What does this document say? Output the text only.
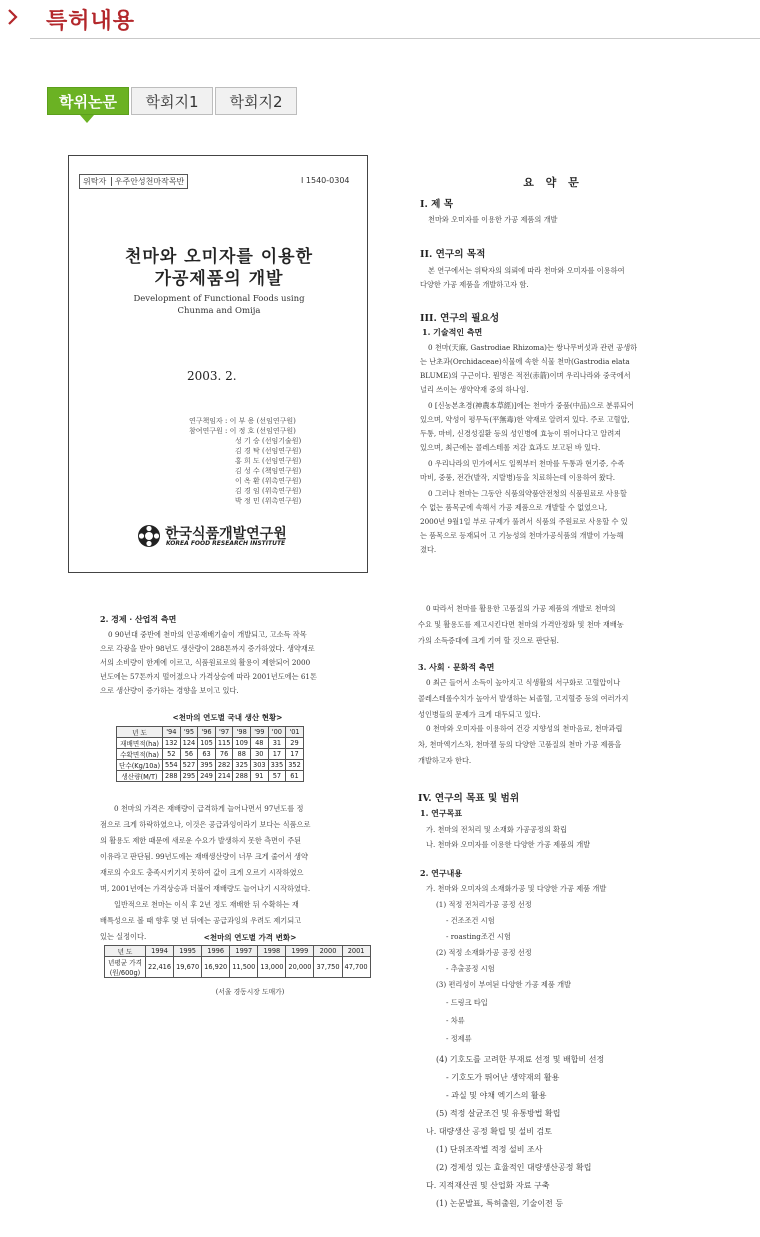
특허내용
학위논문	학회지1	학회지2
위탁자 우주안성천마작목반	I 1540-0304
천마와 오미자를 이용한
가공제품의 개발
Development of Functional Foods using
Chunma and Omija
2003. 2.
연구책임자 : 이 부 용 (선임연구원)
참여연구원 : 이 정 호 (선임연구원)
성 기 승 (선임기술원)
김 경 탁 (선임연구원)
홍 희 도 (선임연구원)
김 성 수 (책임연구원)
이 옥 환 (위촉연구원)
김 경 임 (위촉연구원)
박 정 민 (위촉연구원)
한국식품개발연구원
KOREA FOOD RESEARCH INSTITUTE
요 약 문
I. 제 목
천마와 오미자를 이용한 가공 제품의 개발
II. 연구의 목적
본 연구에서는 위탁자의 의뢰에 따라 천마와 오미자를 이용하여
다양한 가공 제품을 개발하고자 함.
III. 연구의 필요성
1. 기술적인 측면
0 천마(天麻, Gastrodiae Rhizoma)는 쌍나무버섯과 관련 공생하
는 난초과(Orchidaceae)식물에 속한 식물 천마(Gastrodia elata
BLUME)의 구근이다. 뭔명은 적전(赤箭)이며 우리나라와 중국에서
널리 쓰이는 생약약재 중의 하나임.
0 [신농본초경(神農本草經)]에는 천마가 중품(中品)으로 분류되어
있으며, 약성이 평무독(平無毒)한 약재로 알려져 있다. 주로 고혈압,
두통, 마비, 신경성질환 등의 성인병에 효능이 뛰어나다고 알려져
있으며, 최근에는 콜레스테롤 저감 효과도 보고된 바 있다.
0 우리나라의 민가에서도 일찍부터 천마를 두통과 현기증, 수족
마비, 중풍, 전간(발작, 지랄병)등을 치료하는데 이용하여 왔다.
0 그러나 천마는 그동안 식품의약품안전청의 식품원료로 사용할
수 없는 품목군에 속해서 가공 제품으로 개발할 수 없었으나,
2000년 9월1일 부로 규제가 풀려서 식품의 주원료로 사용할 수 있
는 품목으로 등재되어 고 기능성의 천마가공식품의 개발이 가능해
졌다.
2. 경제 · 산업적 측면
0 90년대 중반에 천마의 인공재배기술이 개발되고, 고소득 작목
으로 각광을 받아 98년도 생산량이 288톤까지 증가하였다. 생약재로
서의 소비량이 한계에 이르고, 식품원료로의 활용이 제한되어 2000
년도에는 57톤까지 떨어졌으나 가격상승에 따라 2001년도에는 61톤
으로 생산량이 증가하는 경향을 보이고 있다.
<천마의 연도별 국내 생산 현황>
년 도	'94	'95	'96	'97	'98	'99	'00	'01
재배면적(ha)	132	124	105	115	109	48	31	29
수확면적(ha)	52	56	63	76	88	30	17	17
단수(Kg/10a)	554	527	395	282	325	303	335	352
생산량(M/T)	288	295	249	214	288	91	57	61
0 천마의 가격은 재배량이 급격하게 늘어나면서 97년도를 정
점으로 크게 하락하였으나, 이것은 공급과잉이라기 보다는 식품으로
의 활용도 제한 때문에 새로운 수요가 발생하지 못한 측면이 주된
이유라고 판단됨. 99년도에는 재배생산량이 너무 크게 줄어서 생약
재로의 수요도 충족시키기지 못하여 값이 크게 오르기 시작하였으
며, 2001년에는 가격상승과 더불어 재배량도 늘어나기 시작하였다.
일반적으로 천마는 이식 후 2년 정도 재배한 뒤 수확하는 재
배특성으로 볼 때 향후 몇 년 뒤에는 공급과잉의 우려도 제기되고
있는 실정이다.	<천마의 연도별 가격 변화>
년 도	1994	1995	1996	1997	1998	1999	2000	2001
년평균 가격 (원/600g)	22,416	19,670	16,920	11,500	13,000	20,000	37,750	47,700
(서울 경동시장 도매가)
0 따라서 천마를 활용한 고품질의 가공 제품의 개발로 천마의
수요 및 활용도를 제고시킨다면 천마의 가격안정화 및 천마 재배농
가의 소득증대에 크게 기여 할 것으로 판단됨.
3. 사회 · 문화적 측면
0 최근 들어서 소득이 높아지고 식생활의 서구화로 고혈압이나
콜레스테롤수치가 높아서 발생하는 뇌졸혈, 고지혈증 등의 여러가지
성인병들의 문제가 크게 대두되고 있다.
0 천마와 오미자를 이용하여 건강 지향성의 천마음료, 천마과립
차, 천마엑기스차, 천마젤 등의 다양한 고품질의 천마 가공 제품을
개발하고자 한다.
IV. 연구의 목표 및 범위
1. 연구목표
가. 천마의 전처리 및 소재화 가공공정의 확립
나. 천마와 오미자를 이용한 다양한 가공 제품의 개발
2. 연구내용
가. 천마와 오미자의 소재화가공 및 다양한 가공 제품 개발
(1) 적정 전처리가공 공정 선정
- 건조조건 시험
- roasting조건 시험
(2) 적정 소재화가공 공정 선정
- 추출공정 시험
(3) 편리성이 부여된 다양한 가공 제품 개발
- 드링크 타입
- 차류
- 정제류
(4) 기호도를 고려한 부재료 선정 및 배합비 선정
- 기호도가 뛰어난 생약재의 활용
- 과실 및 야채 엑기스의 활용
(5) 적정 살균조건 및 유통방법 확립
나. 대량생산 공정 확립 및 설비 검토
(1) 단위조작별 적정 설비 조사
(2) 경제성 있는 효율적인 대량생산공정 확립
다. 지적재산권 및 산업화 자료 구축
(1) 논문발표, 특허출원, 기술이전 등
